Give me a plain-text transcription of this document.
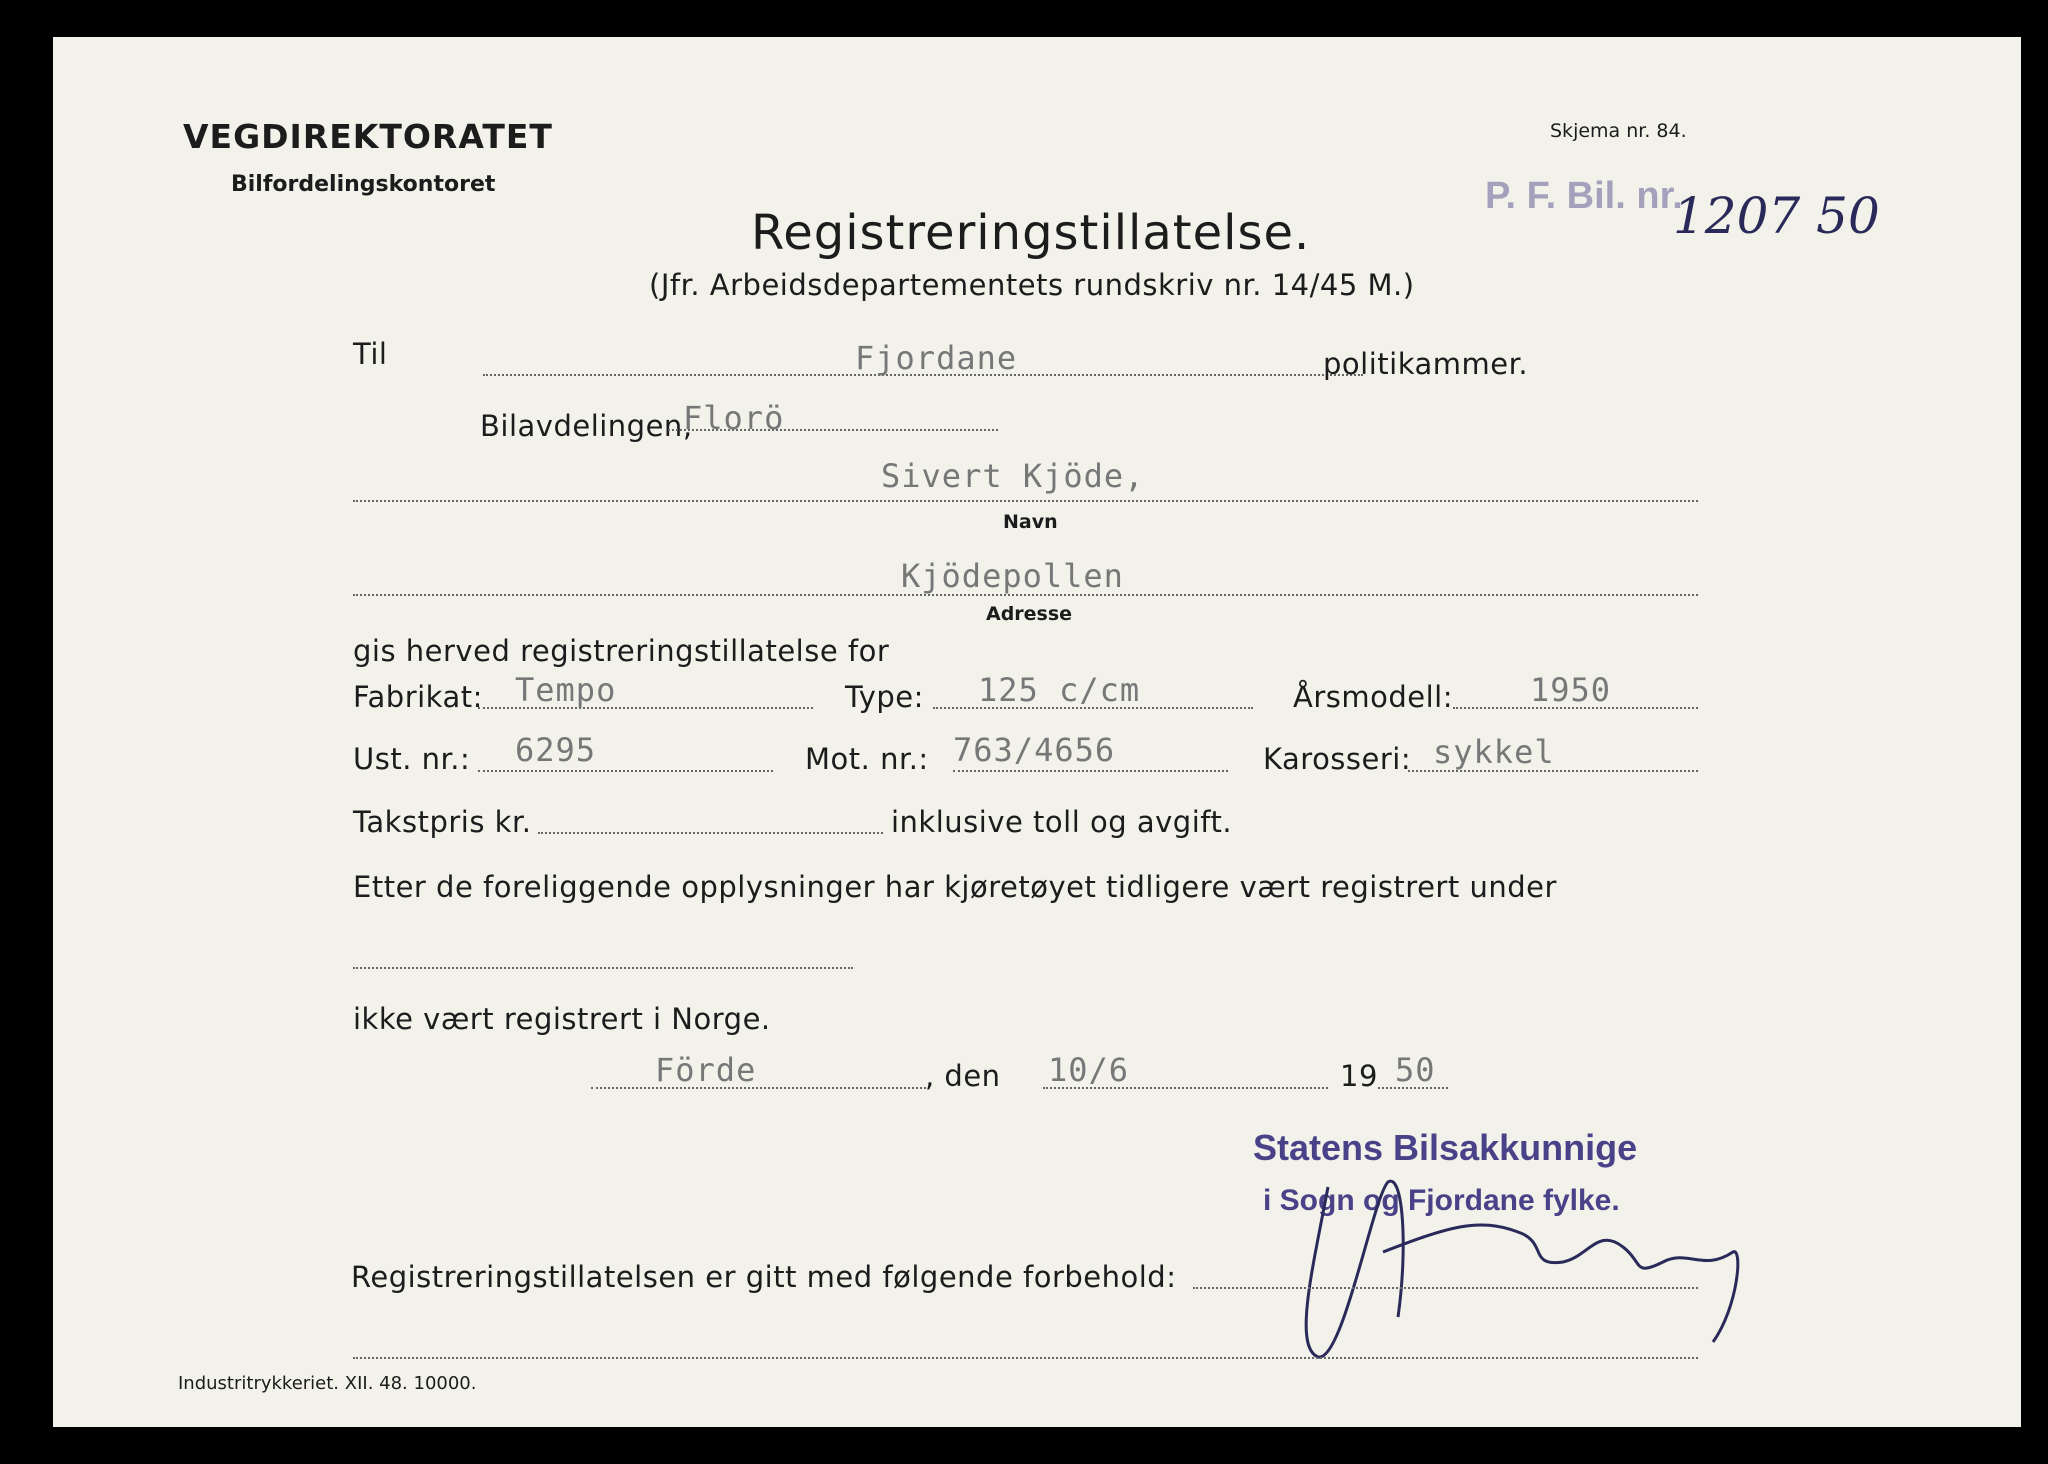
VEGDIREKTORATET
Bilfordelingskontoret
Skjema nr. 84.
P. F. Bil. nr.
1207 50
Registreringstillatelse.
(Jfr. Arbeidsdepartementets rundskriv nr. 14/45 M.)
Til	Fjordane	politikammer.
Bilavdelingen,
Florö
Sivert Kjöde,
Navn
Kjödepollen
Adresse
gis herved registreringstillatelse for
Fabrikat: Tempo	Type: 125 c/cm	Årsmodell: 1950
Ust. nr.: 6295	Mot. nr.: 763/4656	Karosseri: sykkel
Takstpris kr.	inklusive toll og avgift.
Etter de foreliggende opplysninger har kjøretøyet tidligere vært registrert under
ikke vært registrert i Norge.
Förde	, den 10/6	19 50
Statens Bilsakkunnige
i Sogn og Fjordane fylke.
Registreringstillatelsen er gitt med følgende forbehold:
Industritrykkeriet. XII. 48. 10000.
